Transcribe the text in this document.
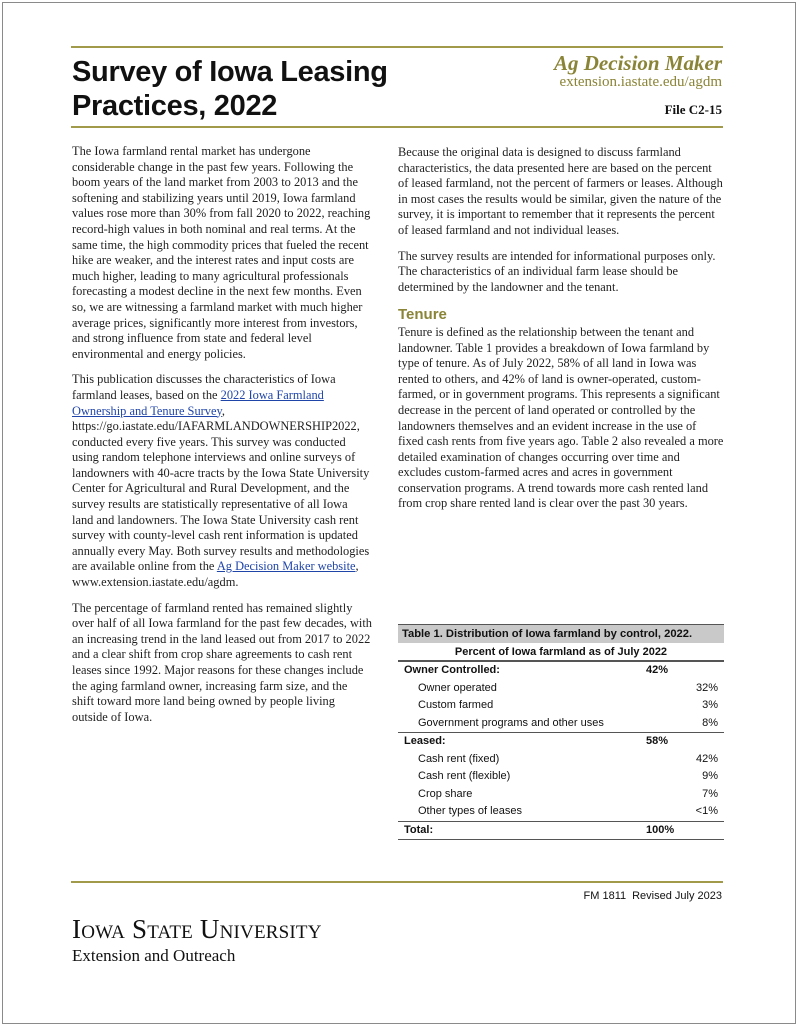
Survey of Iowa Leasing Practices, 2022
Ag Decision Maker
extension.iastate.edu/agdm
File C2-15

The Iowa farmland rental market has undergone considerable change in the past few years. Following the boom years of the land market from 2003 to 2013 and the softening and stabilizing years until 2019, Iowa farmland values rose more than 30% from fall 2020 to 2022, reaching record-high values in both nominal and real terms. At the same time, the high commodity prices that fueled the recent hike are weaker, and the interest rates and input costs are much higher, leading to many agricultural professionals forecasting a modest decline in the next few months. Even so, we are witnessing a farmland market with much higher average prices, significantly more interest from investors, and strong influence from state and federal level environmental and energy policies.

This publication discusses the characteristics of Iowa farmland leases, based on the 2022 Iowa Farmland Ownership and Tenure Survey, https://go.iastate.edu/IAFARMLANDOWNERSHIP2022, conducted every five years. This survey was conducted using random telephone interviews and online surveys of landowners with 40-acre tracts by the Iowa State University Center for Agricultural and Rural Development, and the survey results are statistically representative of all Iowa land and landowners. The Iowa State University cash rent survey with county-level cash rent information is updated annually every May. Both survey results and methodologies are available online from the Ag Decision Maker website, www.extension.iastate.edu/agdm.

The percentage of farmland rented has remained slightly over half of all Iowa farmland for the past few decades, with an increasing trend in the land leased out from 2017 to 2022 and a clear shift from crop share agreements to cash rent leases since 1992. Major reasons for these changes include the aging farmland owner, increasing farm size, and the shift toward more land being owned by people living outside of Iowa.

Because the original data is designed to discuss farmland characteristics, the data presented here are based on the percent of leased farmland, not the percent of farmers or leases. Although in most cases the results would be similar, given the nature of the survey, it is important to remember that it represents the percent of leased farmland and not individual leases.

The survey results are intended for informational purposes only. The characteristics of an individual farm lease should be determined by the landowner and the tenant.

Tenure

Tenure is defined as the relationship between the tenant and landowner. Table 1 provides a breakdown of Iowa farmland by type of tenure. As of July 2022, 58% of all land in Iowa was rented to others, and 42% of land is owner-operated, custom-farmed, or in government programs. This represents a significant decrease in the percent of land operated or controlled by the landowners themselves and an evident increase in the use of fixed cash rents from five years ago. Table 2 also revealed a more detailed examination of changes occurring over time and excludes custom-farmed acres and acres in government conservation programs. A trend towards more cash rented land from crop share rented land is clear over the past 30 years.

Table 1. Distribution of Iowa farmland by control, 2022.
Percent of Iowa farmland as of July 2022
Owner Controlled:	42%
Owner operated	32%
Custom farmed	3%
Government programs and other uses	8%
Leased:	58%
Cash rent (fixed)	42%
Cash rent (flexible)	9%
Crop share	7%
Other types of leases	<1%
Total:	100%
FM 1811 Revised July 2023
Iowa State University
Extension and Outreach
